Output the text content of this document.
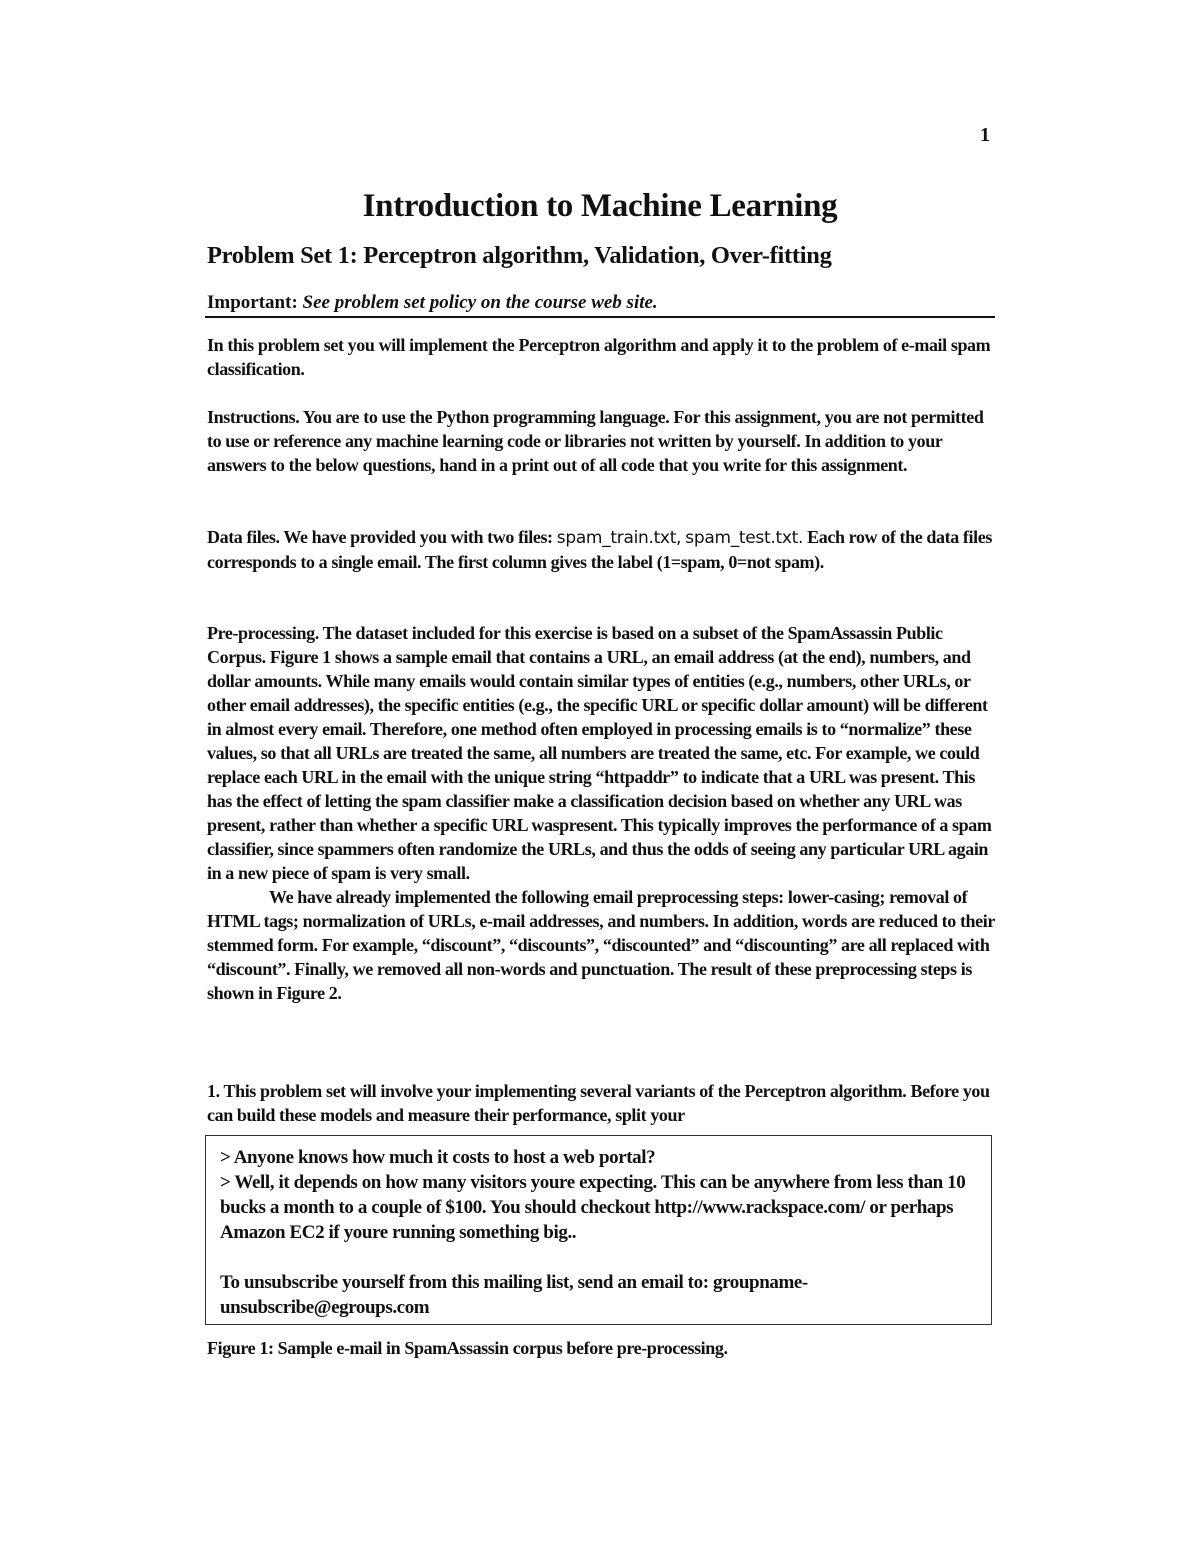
1
Introduction to Machine Learning
Problem Set 1: Perceptron algorithm, Validation, Over-fitting
Important: See problem set policy on the course web site.

In this problem set you will implement the Perceptron algorithm and apply it to the problem of e-mail spam classification.

Instructions. You are to use the Python programming language. For this assignment, you are not permitted to use or reference any machine learning code or libraries not written by yourself. In addition to your answers to the below questions, hand in a print out of all code that you write for this assignment.

Data files. We have provided you with two files: spam_train.txt, spam_test.txt. Each row of the data files corresponds to a single email. The first column gives the label (1=spam, 0=not spam).

Pre-processing. The dataset included for this exercise is based on a subset of the SpamAssassin Public Corpus. Figure 1 shows a sample email that contains a URL, an email address (at the end), numbers, and dollar amounts. While many emails would contain similar types of entities (e.g., numbers, other URLs, or other email addresses), the specific entities (e.g., the specific URL or specific dollar amount) will be different in almost every email. Therefore, one method often employed in processing emails is to “normalize” these values, so that all URLs are treated the same, all numbers are treated the same, etc. For example, we could replace each URL in the email with the unique string “httpaddr” to indicate that a URL was present. This has the effect of letting the spam classifier make a classification decision based on whether any URL was present, rather than whether a specific URL waspresent. This typically improves the performance of a spam classifier, since spammers often randomize the URLs, and thus the odds of seeing any particular URL again in a new piece of spam is very small.
We have already implemented the following email preprocessing steps: lower-casing; removal of HTML tags; normalization of URLs, e-mail addresses, and numbers. In addition, words are reduced to their stemmed form. For example, “discount”, “discounts”, “discounted” and “discounting” are all replaced with “discount”. Finally, we removed all non-words and punctuation. The result of these preprocessing steps is shown in Figure 2.

1. This problem set will involve your implementing several variants of the Perceptron algorithm. Before you can build these models and measure their performance, split your

> Anyone knows how much it costs to host a web portal?
> Well, it depends on how many visitors youre expecting. This can be anywhere from less than 10 bucks a month to a couple of $100. You should checkout http://www.rackspace.com/ or perhaps Amazon EC2 if youre running something big..
To unsubscribe yourself from this mailing list, send an email to: groupname-unsubscribe@egroups.com
Figure 1: Sample e-mail in SpamAssassin corpus before pre-processing.
